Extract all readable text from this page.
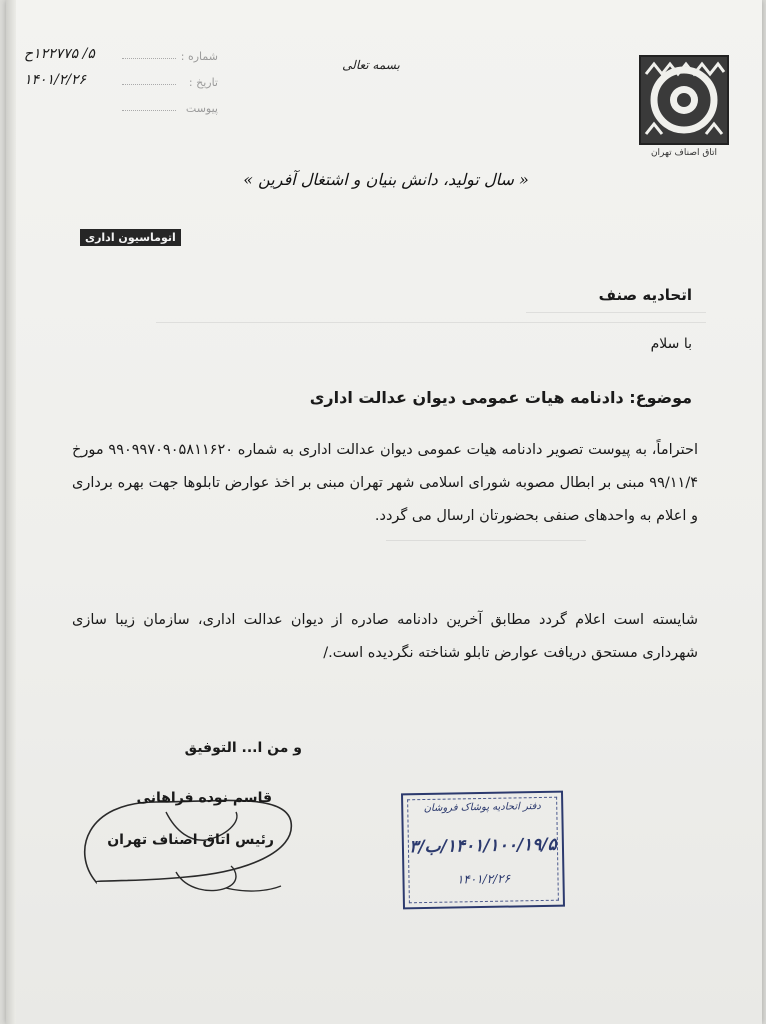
شماره :
۵/ ۱۲۲۷۷۵ح
تاریخ :
۱۴۰۱/۲/۲۶
پیوست
بسمه تعالی
اتاق اصناف تهران
« سال تولید، دانش بنیان و اشتغال آفرین »
اتوماسیون اداری
اتحادیه صنف
با سلام
موضوع: دادنامه هیات عمومی دیوان عدالت اداری
احتراماً، به پیوست تصویر دادنامه هیات عمومی دیوان عدالت اداری به شماره ۹۹۰۹۹۷۰۹۰۵۸۱۱۶۲۰ مورخ ۹۹/۱۱/۴ مبنی بر ابطال مصوبه شورای اسلامی شهر تهران مبنی بر اخذ عوارض تابلوها جهت بهره برداری و اعلام به واحدهای صنفی بحضورتان ارسال می گردد.
شایسته است اعلام گردد مطابق آخرین دادنامه صادره از دیوان عدالت اداری، سازمان زیبا سازی شهرداری مستحق دریافت عوارض تابلو شناخته نگردیده است./
و من ا... التوفیق
قاسم نوده فراهانی
رئیس اتاق اصناف تهران
دفتر اتحادیه پوشاک فروشان
۱۴۰۱/۱۰۰/۱۹/۵/ب/۳
۱۴۰۱/۲/۲۶
